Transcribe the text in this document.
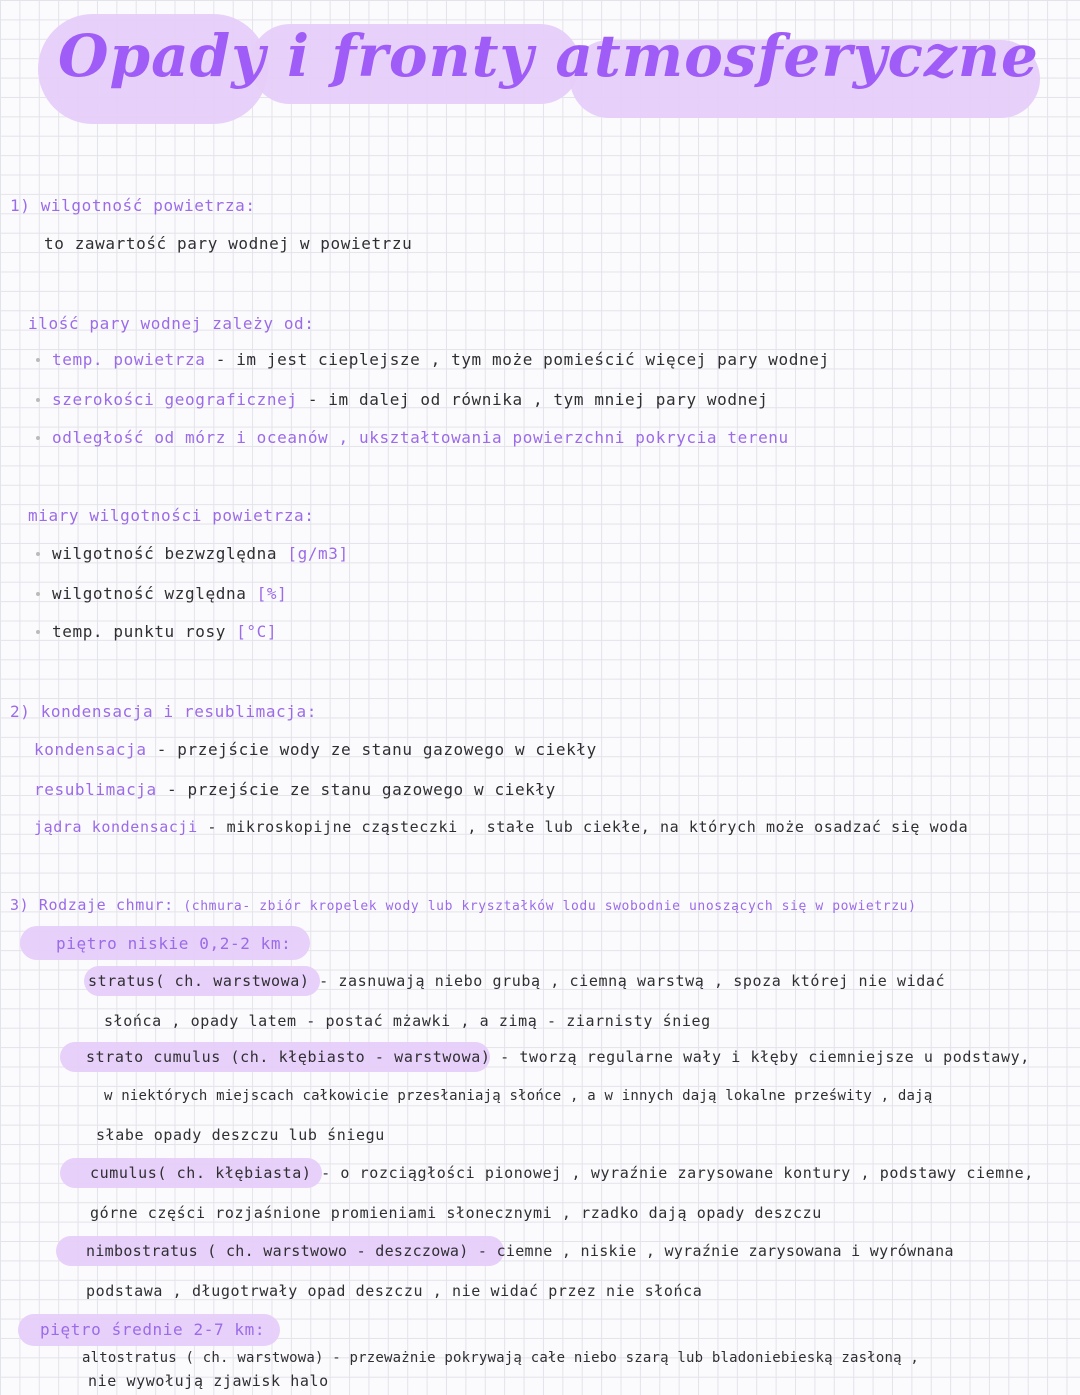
Opady i fronty atmosferyczne
1) wilgotność powietrza:
to zawartość pary wodnej w powietrzu
ilość pary wodnej zależy od:
temp. powietrza - im jest cieplejsze , tym może pomieścić więcej pary wodnej
szerokości geograficznej - im dalej od równika , tym mniej pary wodnej
odległość od mórz i oceanów , ukształtowania powierzchni pokrycia terenu
miary wilgotności powietrza:
wilgotność bezwzględna [g/m3]
wilgotność względna [%]
temp. punktu rosy [°C]
2) kondensacja i resublimacja:
kondensacja - przejście wody ze stanu gazowego w ciekły
resublimacja - przejście ze stanu gazowego w ciekły
jądra kondensacji - mikroskopijne cząsteczki , stałe lub ciekłe, na których może osadzać się woda
3) Rodzaje chmur: (chmura- zbiór kropelek wody lub kryształków lodu swobodnie unoszących się w powietrzu)
piętro niskie 0,2-2 km:
stratus( ch. warstwowa) - zasnuwają niebo grubą , ciemną warstwą , spoza której nie widać
słońca , opady latem - postać mżawki , a zimą - ziarnisty śnieg
strato cumulus (ch. kłębiasto - warstwowa) - tworzą regularne wały i kłęby ciemniejsze u podstawy,
w niektórych miejscach całkowicie przesłaniają słońce , a w innych dają lokalne prześwity , dają
słabe opady deszczu lub śniegu
cumulus( ch. kłębiasta) - o rozciągłości pionowej , wyraźnie zarysowane kontury , podstawy ciemne,
górne części rozjaśnione promieniami słonecznymi , rzadko dają opady deszczu
nimbostratus ( ch. warstwowo - deszczowa) - ciemne , niskie , wyraźnie zarysowana i wyrównana
podstawa , długotrwały opad deszczu , nie widać przez nie słońca
piętro średnie 2-7 km:
altostratus ( ch. warstwowa) - przeważnie pokrywają całe niebo szarą lub bladoniebieską zasłoną ,
nie wywołują zjawisk halo
